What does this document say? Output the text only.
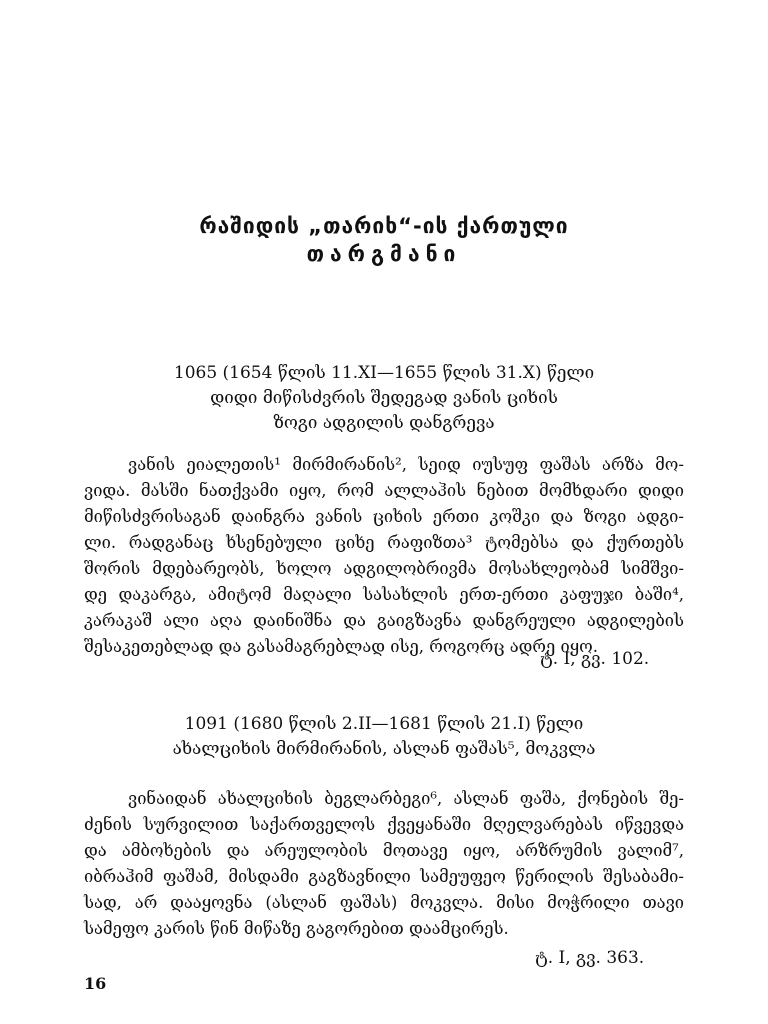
რაშიდის „თარიხ“-ის ქართული
თარგმანი
1065 (1654 წლის 11.XI—1655 წლის 31.X) წელი
დიდი მიწისძვრის შედეგად ვანის ციხის
ზოგი ადგილის დანგრევა
ვანის ეიალეთის¹ მირმირანის², სეიდ იუსუფ ფაშას არზა მო-
ვიდა. მასში ნათქვამი იყო, რომ ალლაჰის ნებით მომხდარი დიდი
მიწისძვრისაგან დაინგრა ვანის ციხის ერთი კოშკი და ზოგი ადგი-
ლი. რადგანაც ხსენებული ციხე რაფიზთა³ ტომებსა და ქურთებს
შორის მდებარეობს, ხოლო ადგილობრივმა მოსახლეობამ სიმშვი-
დე დაკარგა, ამიტომ მაღალი სასახლის ერთ-ერთი კაფუჯი ბაში⁴,
კარაკაშ ალი აღა დაინიშნა და გაიგზავნა დანგრეული ადგილების
შესაკეთებლად და გასამაგრებლად ისე, როგორც ადრე იყო.
ტ. I, გვ. 102.
1091 (1680 წლის 2.II—1681 წლის 21.I) წელი
ახალციხის მირმირანის, ასლან ფაშას⁵, მოკვლა
ვინაიდან ახალციხის ბეგლარბეგი⁶, ასლან ფაშა, ქონების შე-
ძენის სურვილით საქართველოს ქვეყანაში მღელვარებას იწვევდა
და ამბოხების და არეულობის მოთავე იყო, არზრუმის ვალიმ⁷,
იბრაჰიმ ფაშამ, მისდამი გაგზავნილი სამეუფეო წერილის შესაბამი-
სად, არ დააყოვნა (ასლან ფაშას) მოკვლა. მისი მოჭრილი თავი
სამეფო კარის წინ მიწაზე გაგორებით დაამცირეს.
ტ. I, გვ. 363.
16
